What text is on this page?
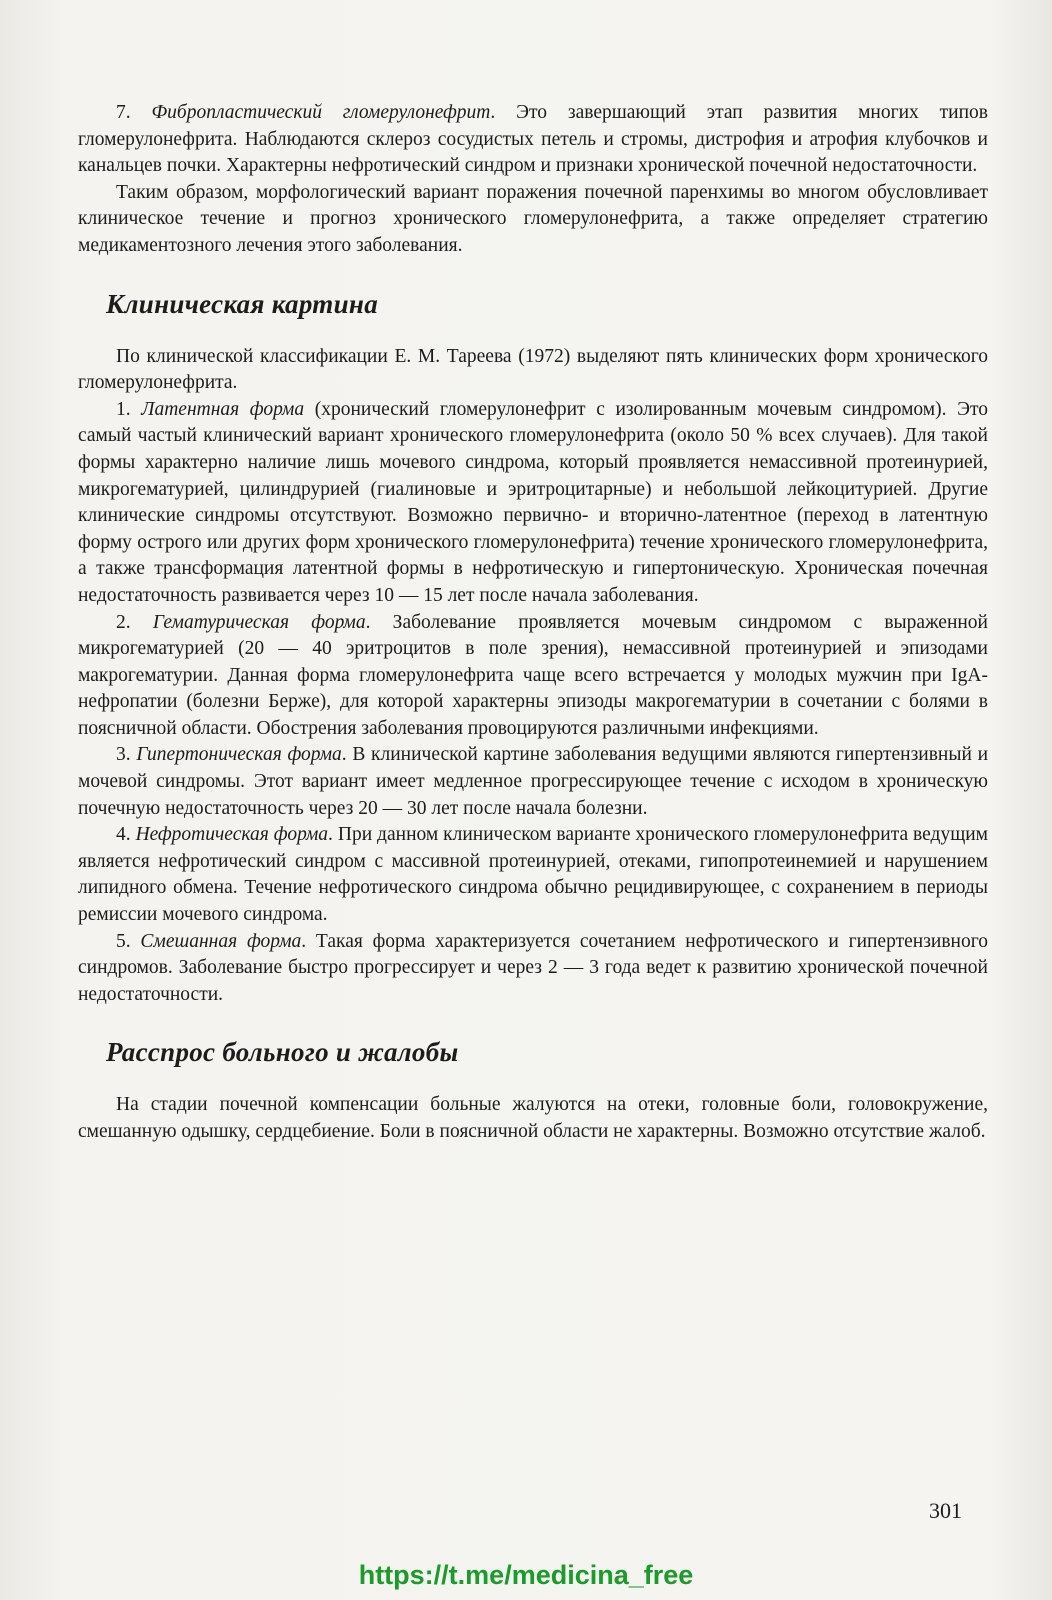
7. Фибропластический гломерулонефрит. Это завершающий этап развития многих типов гломерулонефрита. Наблюдаются склероз сосудистых петель и стромы, дистрофия и атрофия клубочков и канальцев почки. Характерны нефротический синдром и признаки хронической почечной недостаточности.

Таким образом, морфологический вариант поражения почечной паренхимы во многом обусловливает клиническое течение и прогноз хронического гломерулонефрита, а также определяет стратегию медикаментозного лечения этого заболевания.

Клиническая картина

По клинической классификации Е. М. Тареева (1972) выделяют пять клинических форм хронического гломерулонефрита.

1. Латентная форма (хронический гломерулонефрит с изолированным мочевым синдромом). Это самый частый клинический вариант хронического гломерулонефрита (около 50 % всех случаев). Для такой формы характерно наличие лишь мочевого синдрома, который проявляется немассивной протеинурией, микрогематурией, цилиндрурией (гиалиновые и эритроцитарные) и небольшой лейкоцитурией. Другие клинические синдромы отсутствуют. Возможно первично- и вторично-латентное (переход в латентную форму острого или других форм хронического гломерулонефрита) течение хронического гломерулонефрита, а также трансформация латентной формы в нефротическую и гипертоническую. Хроническая почечная недостаточность развивается через 10 — 15 лет после начала заболевания.

2. Гематурическая форма. Заболевание проявляется мочевым синдромом с выраженной микрогематурией (20 — 40 эритроцитов в поле зрения), немассивной протеинурией и эпизодами макрогематурии. Данная форма гломерулонефрита чаще всего встречается у молодых мужчин при IgA-нефропатии (болезни Берже), для которой характерны эпизоды макрогематурии в сочетании с болями в поясничной области. Обострения заболевания провоцируются различными инфекциями.

3. Гипертоническая форма. В клинической картине заболевания ведущими являются гипертензивный и мочевой синдромы. Этот вариант имеет медленное прогрессирующее течение с исходом в хроническую почечную недостаточность через 20 — 30 лет после начала болезни.

4. Нефротическая форма. При данном клиническом варианте хронического гломерулонефрита ведущим является нефротический синдром с массивной протеинурией, отеками, гипопротеинемией и нарушением липидного обмена. Течение нефротического синдрома обычно рецидивирующее, с сохранением в периоды ремиссии мочевого синдрома.

5. Смешанная форма. Такая форма характеризуется сочетанием нефротического и гипертензивного синдромов. Заболевание быстро прогрессирует и через 2 — 3 года ведет к развитию хронической почечной недостаточности.

Расспрос больного и жалобы

На стадии почечной компенсации больные жалуются на отеки, головные боли, головокружение, смешанную одышку, сердцебиение. Боли в поясничной области не характерны. Возможно отсутствие жалоб.

301
https://t.me/medicina_free
